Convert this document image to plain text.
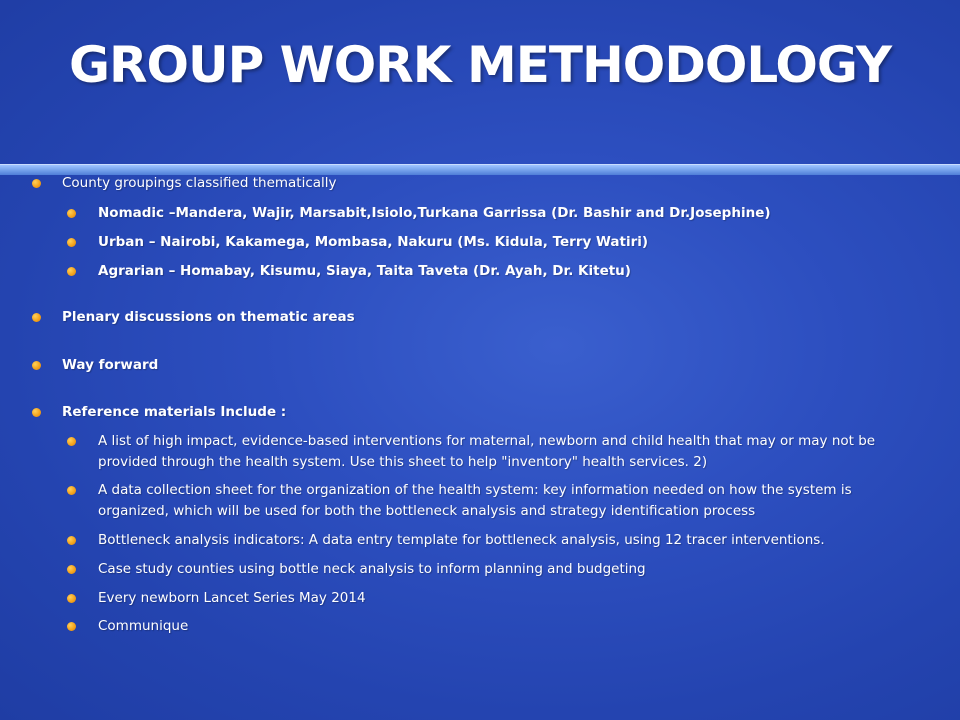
GROUP WORK METHODOLOGY
County groupings classified thematically
Nomadic –Mandera, Wajir, Marsabit,Isiolo,Turkana Garrissa (Dr. Bashir and Dr.Josephine)
Urban – Nairobi, Kakamega, Mombasa, Nakuru (Ms. Kidula, Terry Watiri)
Agrarian – Homabay, Kisumu, Siaya, Taita Taveta (Dr. Ayah, Dr. Kitetu)
Plenary discussions on thematic areas
Way forward
Reference materials Include :
A list of high impact, evidence-based interventions for maternal, newborn and child health that may or may not be provided through the health system. Use this sheet to help "inventory" health services. 2)
A data collection sheet for the organization of the health system: key information needed on how the system is organized, which will be used for both the bottleneck analysis and strategy identification process
Bottleneck analysis indicators: A data entry template for bottleneck analysis, using 12 tracer interventions.
Case study counties using bottle neck analysis to inform planning and budgeting
Every newborn Lancet Series May 2014
Communique
